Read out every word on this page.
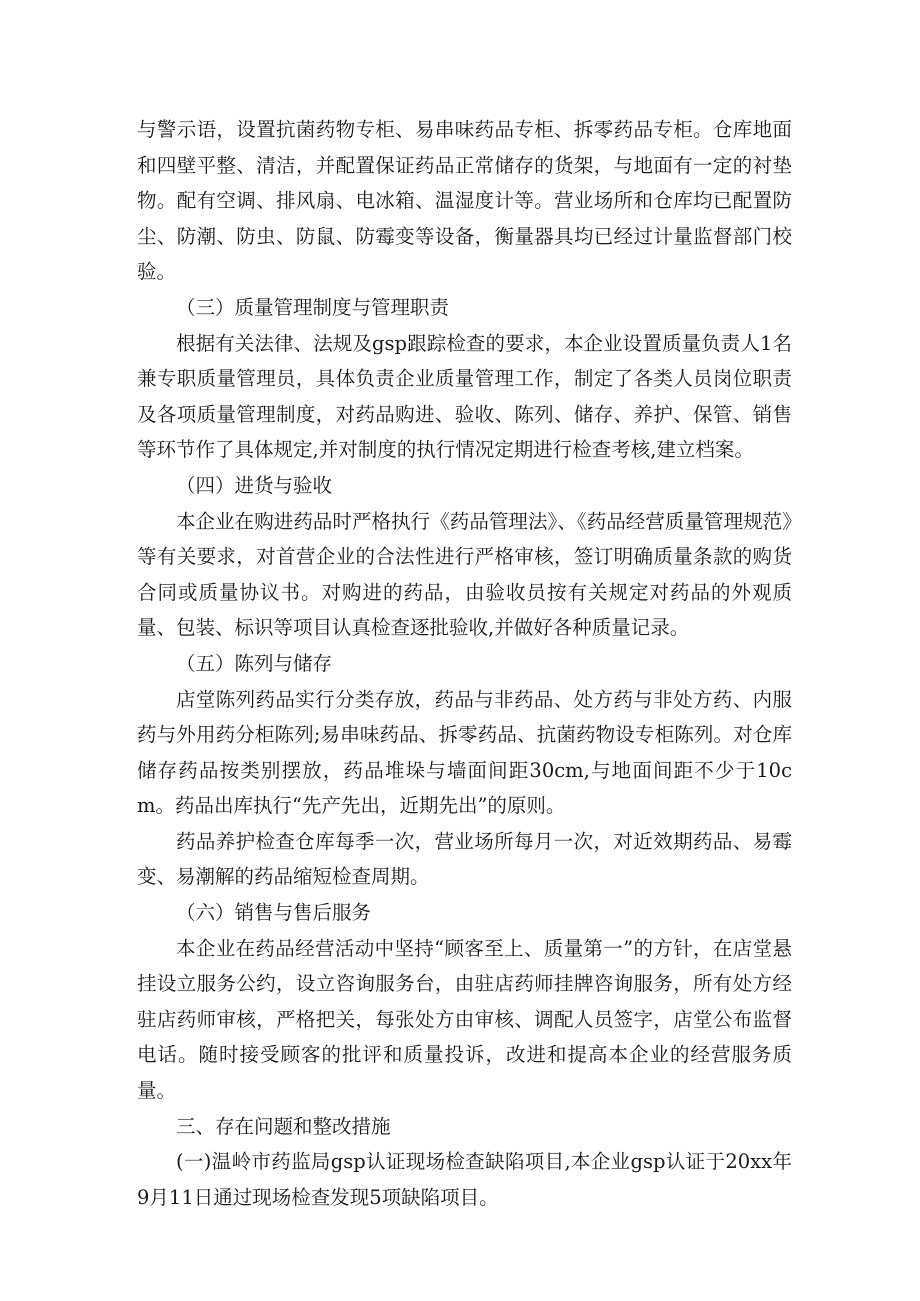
与警示语，设置抗菌药物专柜、易串味药品专柜、拆零药品专柜。仓库地面和四壁平整、清洁，并配置保证药品正常储存的货架，与地面有一定的衬垫物。配有空调、排风扇、电冰箱、温湿度计等。营业场所和仓库均已配置防尘、防潮、防虫、防鼠、防霉变等设备，衡量器具均已经过计量监督部门校验。

（三）质量管理制度与管理职责

根据有关法律、法规及gsp跟踪检查的要求，本企业设置质量负责人1名兼专职质量管理员，具体负责企业质量管理工作，制定了各类人员岗位职责及各项质量管理制度，对药品购进、验收、陈列、储存、养护、保管、销售等环节作了具体规定,并对制度的执行情况定期进行检查考核,建立档案。

（四）进货与验收

本企业在购进药品时严格执行《药品管理法》、《药品经营质量管理规范》等有关要求，对首营企业的合法性进行严格审核，签订明确质量条款的购货合同或质量协议书。对购进的药品，由验收员按有关规定对药品的外观质量、包装、标识等项目认真检查逐批验收,并做好各种质量记录。

（五）陈列与储存

店堂陈列药品实行分类存放，药品与非药品、处方药与非处方药、内服药与外用药分柜陈列;易串味药品、拆零药品、抗菌药物设专柜陈列。对仓库储存药品按类别摆放，药品堆垛与墙面间距30cm,与地面间距不少于10cm。药品出库执行“先产先出，近期先出”的原则。

药品养护检查仓库每季一次，营业场所每月一次，对近效期药品、易霉变、易潮解的药品缩短检查周期。

（六）销售与售后服务

本企业在药品经营活动中坚持“顾客至上、质量第一”的方针，在店堂悬挂设立服务公约，设立咨询服务台，由驻店药师挂牌咨询服务，所有处方经驻店药师审核，严格把关，每张处方由审核、调配人员签字，店堂公布监督电话。随时接受顾客的批评和质量投诉，改进和提高本企业的经营服务质量。

三、存在问题和整改措施

(一)温岭市药监局gsp认证现场检查缺陷项目,本企业gsp认证于20xx年9月11日通过现场检查发现5项缺陷项目。
